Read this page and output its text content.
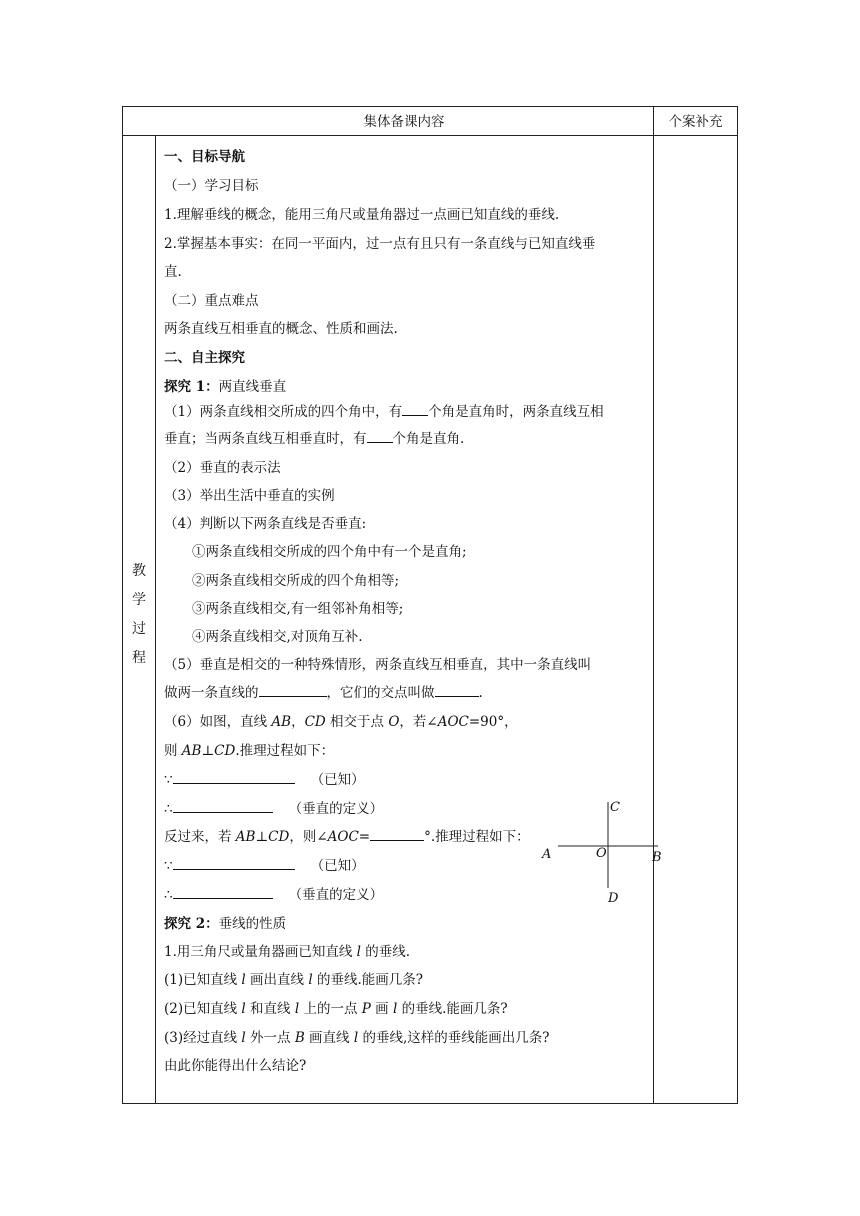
集体备课内容	个案补充
教
学
过
程
一、目标导航
（一）学习目标
1.理解垂线的概念，能用三角尺或量角器过一点画已知直线的垂线.
2.掌握基本事实：在同一平面内，过一点有且只有一条直线与已知直线垂
直.
（二）重点难点
两条直线互相垂直的概念、性质和画法.
二、自主探究
探究 1：两直线垂直
（1）两条直线相交所成的四个角中，有 个角是直角时，两条直线互相
垂直；当两条直线互相垂直时，有 个角是直角.
（2）垂直的表示法
（3）举出生活中垂直的实例
（4）判断以下两条直线是否垂直:
①两条直线相交所成的四个角中有一个是直角;
②两条直线相交所成的四个角相等;
③两条直线相交,有一组邻补角相等;
④两条直线相交,对顶角互补.
（5）垂直是相交的一种特殊情形，两条直线互相垂直，其中一条直线叫
做两一条直线的	，它们的交点叫做	.
（6）如图，直线 AB，CD 相交于点 O，若∠AOC=90°，
则 AB⊥CD.推理过程如下：
∵	（已知）
∴	（垂直的定义）
反过来，若 AB⊥CD，则∠AOC=	°.推理过程如下：
∵	（已知）
∴	（垂直的定义）
探究 2：垂线的性质
1.用三角尺或量角器画已知直线 l 的垂线.
(1)已知直线 l 画出直线 l 的垂线.能画几条?
(2)已知直线 l 和直线 l 上的一点 P 画 l 的垂线.能画几条?
(3)经过直线 l 外一点 B 画直线 l 的垂线,这样的垂线能画出几条?
由此你能得出什么结论?
C
A	O	B
D
